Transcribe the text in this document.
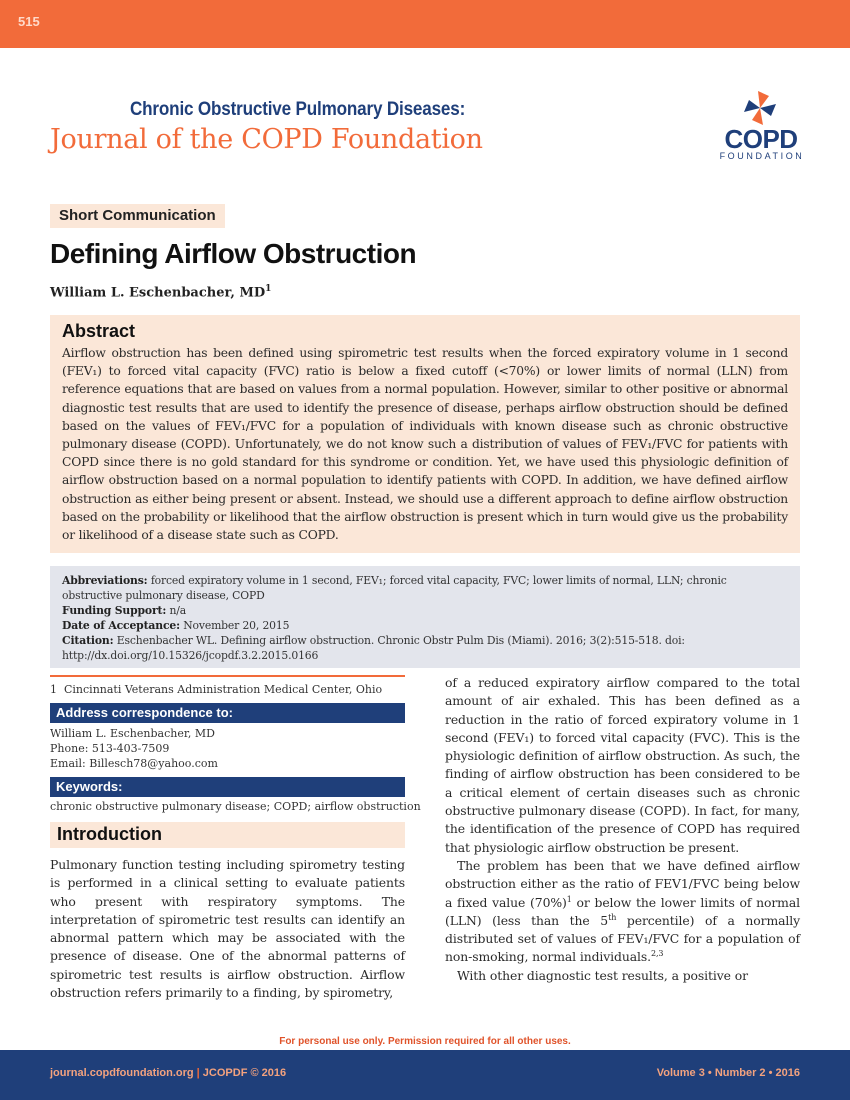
515
Chronic Obstructive Pulmonary Diseases:
Journal of the COPD Foundation	COPD
FOUNDATION
Short Communication
Defining Airflow Obstruction
William L. Eschenbacher, $MD^1$
Abstract

Airflow obstruction has been defined using spirometric test results when the forced expiratory volume in 1 second (FEV₁) to forced vital capacity (FVC) ratio is below a fixed cutoff (<70%) or lower limits of normal (LLN) from reference equations that are based on values from a normal population. However, similar to other positive or abnormal diagnostic test results that are used to identify the presence of disease, perhaps airflow obstruction should be defined based on the values of FEV₁/FVC for a population of individuals with known disease such as chronic obstructive pulmonary disease (COPD). Unfortunately, we do not know such a distribution of values of FEV₁/FVC for patients with COPD since there is no gold standard for this syndrome or condition. Yet, we have used this physiologic definition of airflow obstruction based on a normal population to identify patients with COPD. In addition, we have defined airflow obstruction as either being present or absent. Instead, we should use a different approach to define airflow obstruction based on the probability or likelihood that the airflow obstruction is present which in turn would give us the probability or likelihood of a disease state such as COPD.

Abbreviations: forced expiratory volume in 1 second, FEV₁; forced vital capacity, FVC; lower limits of normal, LLN; chronic obstructive pulmonary disease, COPD

Funding Support: n/a

Date of Acceptance: November 20, 2015

Citation: Eschenbacher WL. Defining airflow obstruction. Chronic Obstr Pulm Dis (Miami). 2016; 3(2):515-518. doi: http://dx.doi.org/10.15326/jcopdf.3.2.2015.0166

1 Cincinnati Veterans Administration Medical Center, Ohio
Address correspondence to:
William L. Eschenbacher, MD
Phone: 513-403-7509
Email: Billesch78@yahoo.com
Keywords:
chronic obstructive pulmonary disease; COPD; airflow obstruction
Introduction

Pulmonary function testing including spirometry testing is performed in a clinical setting to evaluate patients who present with respiratory symptoms. The interpretation of spirometric test results can identify an abnormal pattern which may be associated with the presence of disease. One of the abnormal patterns of spirometric test results is airflow obstruction. Airflow obstruction refers primarily to a finding, by spirometry,

of a reduced expiratory airflow compared to the total amount of air exhaled. This has been defined as a reduction in the ratio of forced expiratory volume in 1 second (FEV₁) to forced vital capacity (FVC). This is the physiologic definition of airflow obstruction. As such, the finding of airflow obstruction has been considered to be a critical element of certain diseases such as chronic obstructive pulmonary disease (COPD). In fact, for many, the identification of the presence of COPD has required that physiologic airflow obstruction be present.

The problem has been that we have defined airflow obstruction either as the ratio of FEV1/FVC being below a fixed value $(70\%)^1$ or below the lower limits of normal (LLN) (less than the 5th percentile) of a normally distributed set of values of FEV₁/FVC for a population of non-smoking, normal individuals.$^{2,3}$

With other diagnostic test results, a positive or

For personal use only. Permission required for all other uses.
journal.copdfoundation.org | JCOPDF © 2016	Volume 3 • Number 2 • 2016
